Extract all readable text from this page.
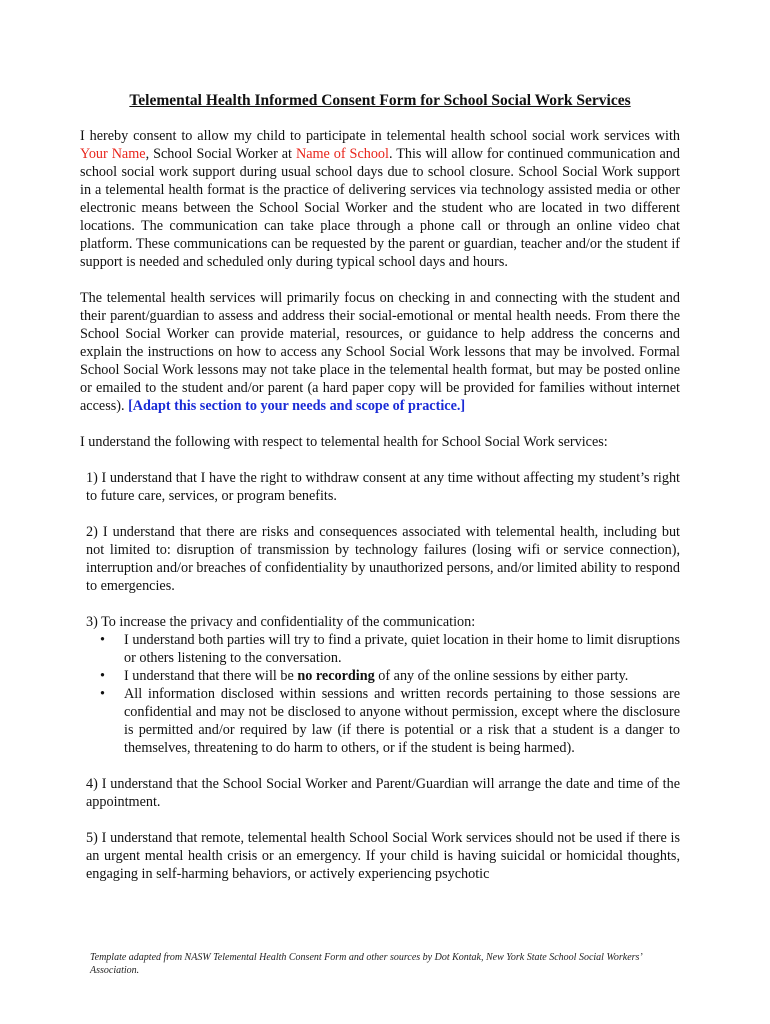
Telemental Health Informed Consent Form for School Social Work Services

I hereby consent to allow my child to participate in telemental health school social work services with Your Name, School Social Worker at Name of School. This will allow for continued communication and school social work support during usual school days due to school closure. School Social Work support in a telemental health format is the practice of delivering services via technology assisted media or other electronic means between the School Social Worker and the student who are located in two different locations. The communication can take place through a phone call or through an online video chat platform. These communications can be requested by the parent or guardian, teacher and/or the student if support is needed and scheduled only during typical school days and hours.

The telemental health services will primarily focus on checking in and connecting with the student and their parent/guardian to assess and address their social-emotional or mental health needs. From there the School Social Worker can provide material, resources, or guidance to help address the concerns and explain the instructions on how to access any School Social Work lessons that may be involved. Formal School Social Work lessons may not take place in the telemental health format, but may be posted online or emailed to the student and/or parent (a hard paper copy will be provided for families without internet access). [Adapt this section to your needs and scope of practice.]

I understand the following with respect to telemental health for School Social Work services:

1) I understand that I have the right to withdraw consent at any time without affecting my student’s right to future care, services, or program benefits.
2) I understand that there are risks and consequences associated with telemental health, including but not limited to: disruption of transmission by technology failures (losing wifi or service connection), interruption and/or breaches of confidentiality by unauthorized persons, and/or limited ability to respond to emergencies.
3) To increase the privacy and confidentiality of the communication:
• I understand both parties will try to find a private, quiet location in their home to limit disruptions or others listening to the conversation.
• I understand that there will be no recording of any of the online sessions by either party.
• All information disclosed within sessions and written records pertaining to those sessions are confidential and may not be disclosed to anyone without permission, except where the disclosure is permitted and/or required by law (if there is potential or a risk that a student is a danger to themselves, threatening to do harm to others, or if the student is being harmed).
4) I understand that the School Social Worker and Parent/Guardian will arrange the date and time of the appointment.
5) I understand that remote, telemental health School Social Work services should not be used if there is an urgent mental health crisis or an emergency. If your child is having suicidal or homicidal thoughts, engaging in self-harming behaviors, or actively experiencing psychotic
Template adapted from NASW Telemental Health Consent Form and other sources by Dot Kontak, New York State School Social Workers’ Association.
